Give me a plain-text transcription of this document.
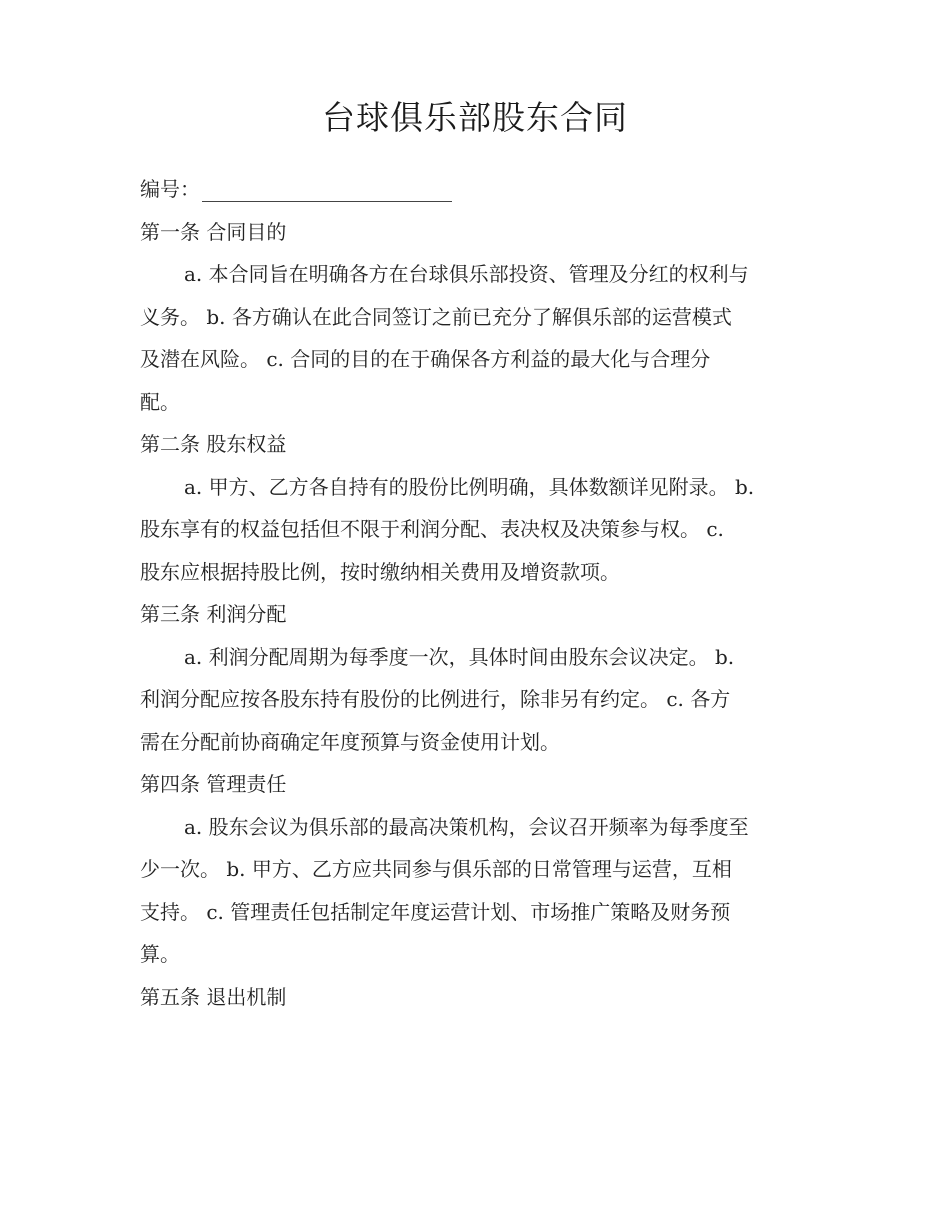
台球俱乐部股东合同

编号：

第一条 合同目的

a. 本合同旨在明确各方在台球俱乐部投资、管理及分红的权利与

义务。 b. 各方确认在此合同签订之前已充分了解俱乐部的运营模式

及潜在风险。 c. 合同的目的在于确保各方利益的最大化与合理分

配。

第二条 股东权益

a. 甲方、乙方各自持有的股份比例明确，具体数额详见附录。 b.

股东享有的权益包括但不限于利润分配、表决权及决策参与权。 c.

股东应根据持股比例，按时缴纳相关费用及增资款项。

第三条 利润分配

a. 利润分配周期为每季度一次，具体时间由股东会议决定。 b.

利润分配应按各股东持有股份的比例进行，除非另有约定。 c. 各方

需在分配前协商确定年度预算与资金使用计划。

第四条 管理责任

a. 股东会议为俱乐部的最高决策机构，会议召开频率为每季度至

少一次。 b. 甲方、乙方应共同参与俱乐部的日常管理与运营，互相

支持。 c. 管理责任包括制定年度运营计划、市场推广策略及财务预

算。

第五条 退出机制
